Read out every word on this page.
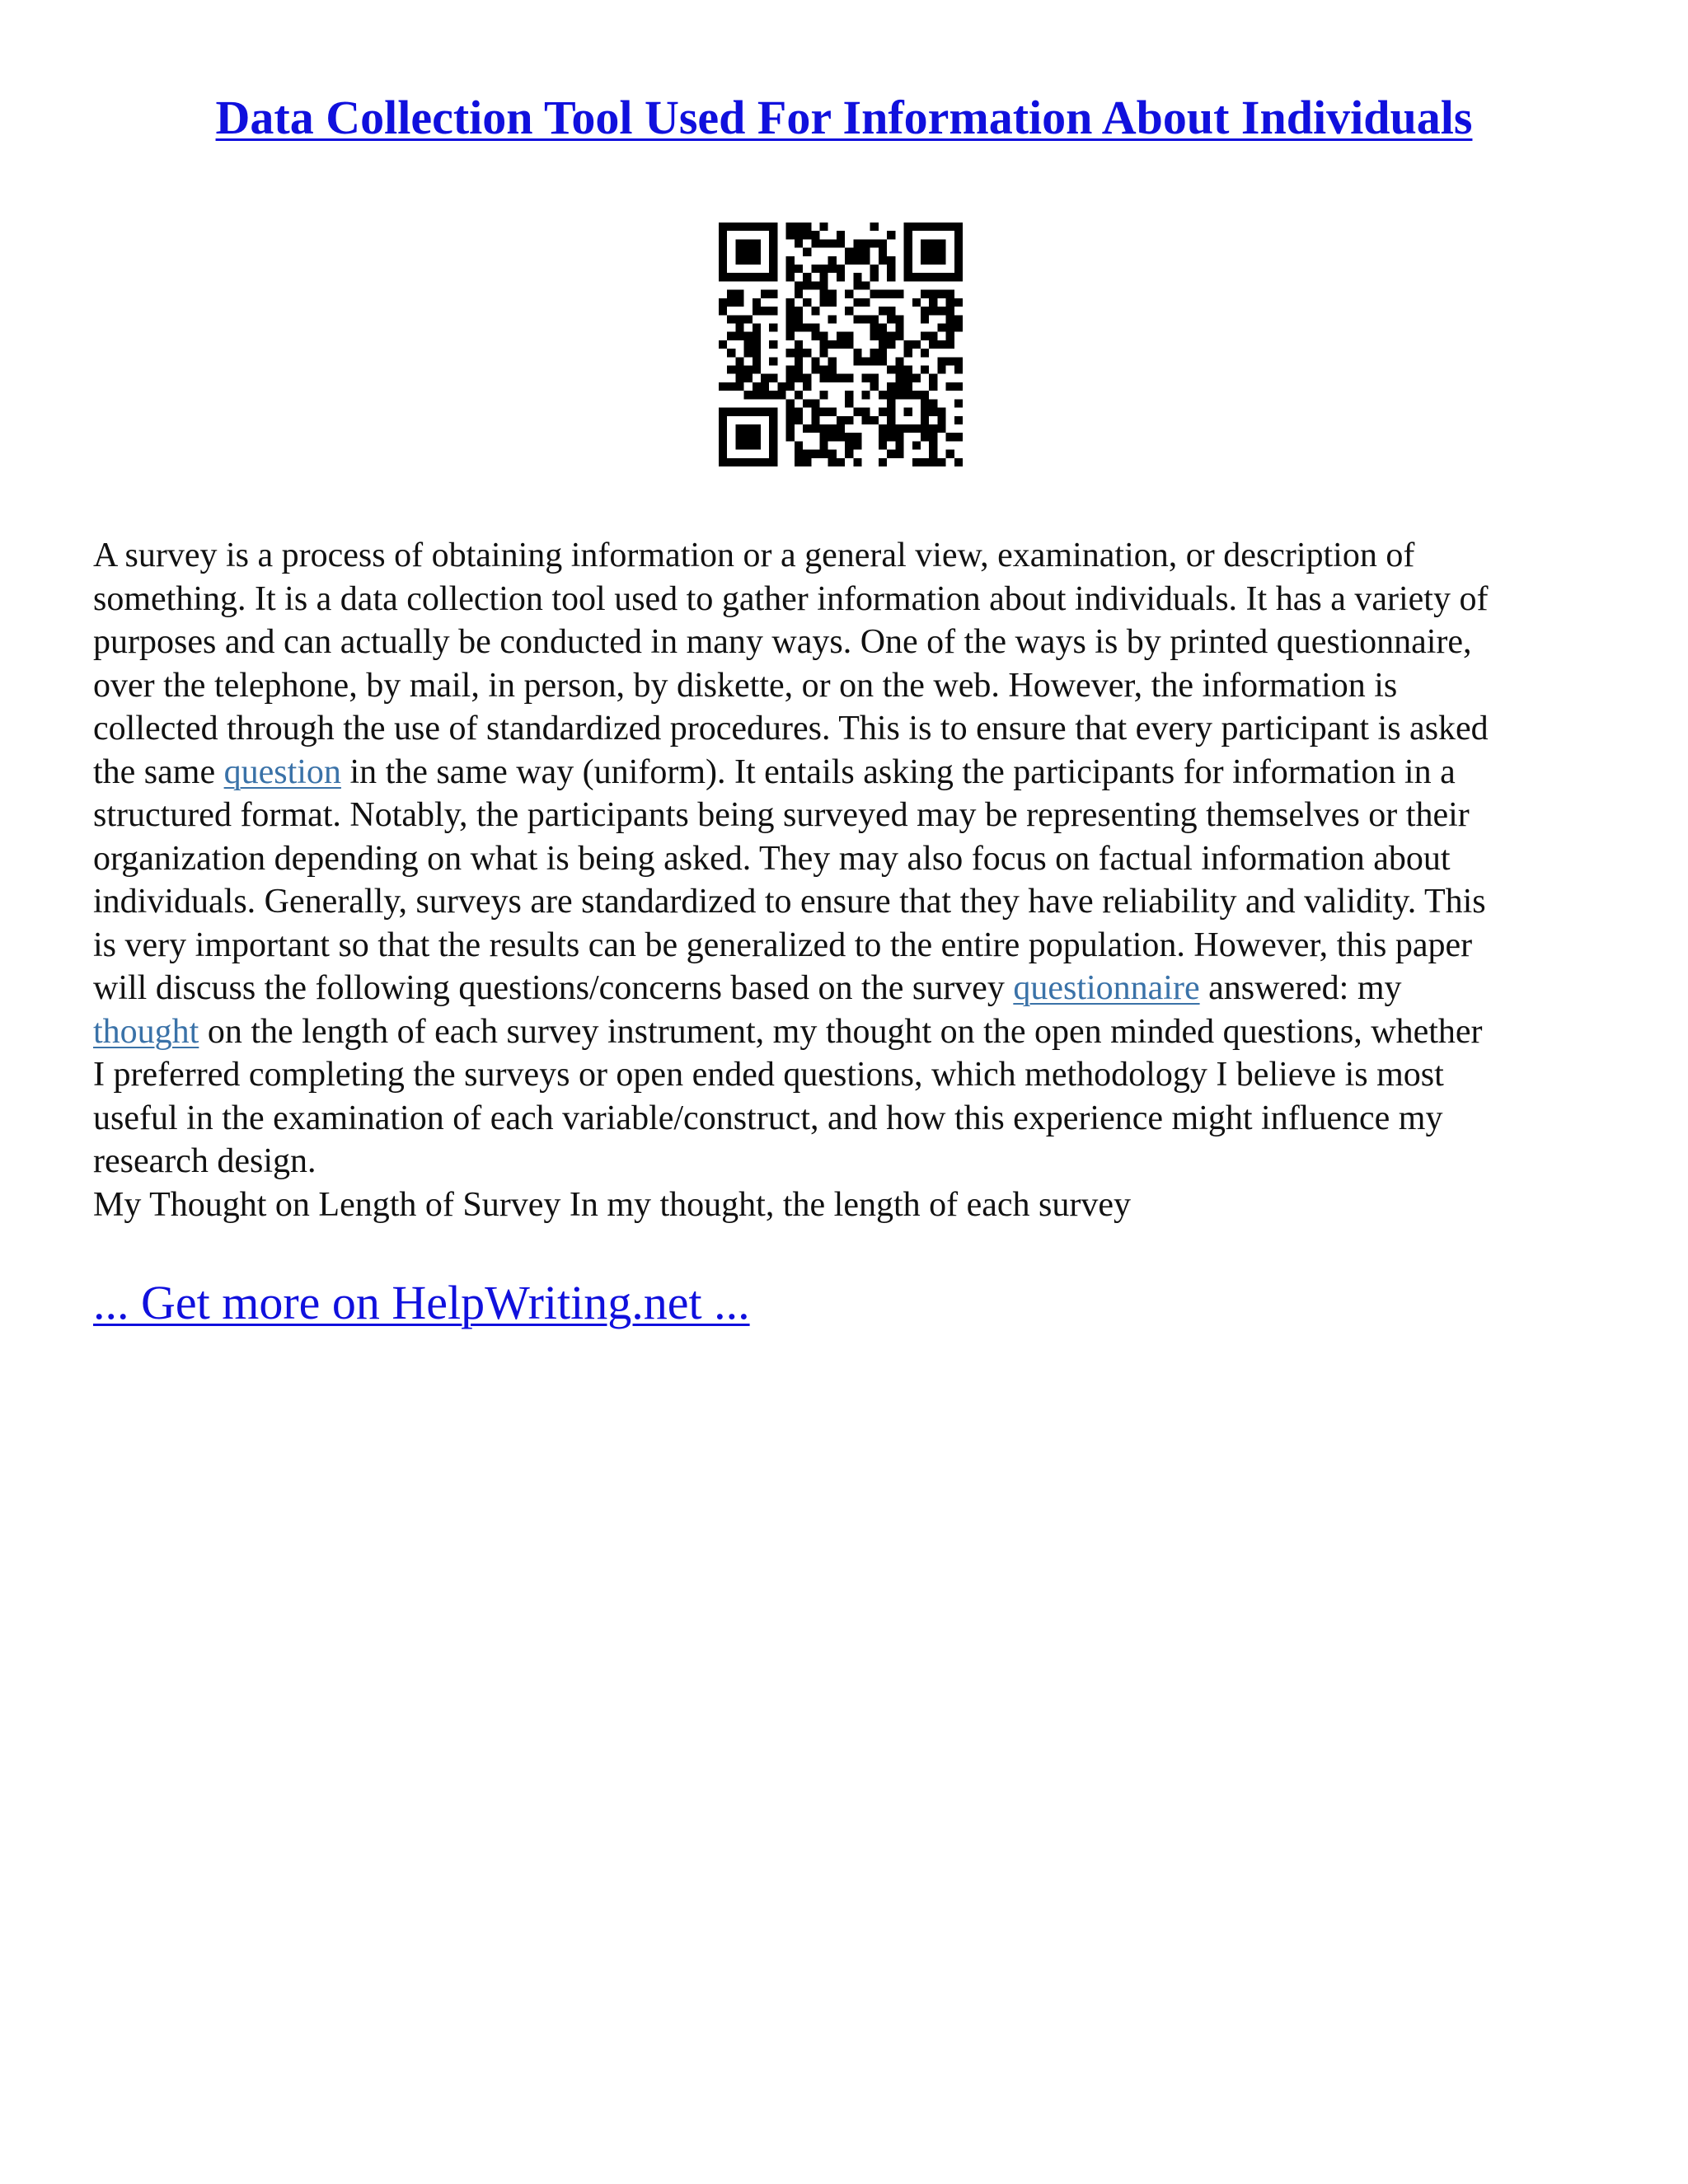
Data Collection Tool Used For Information About Individuals
A survey is a process of obtaining information or a general view, examination, or description of
something. It is a data collection tool used to gather information about individuals. It has a variety of
purposes and can actually be conducted in many ways. One of the ways is by printed questionnaire,
over the telephone, by mail, in person, by diskette, or on the web. However, the information is
collected through the use of standardized procedures. This is to ensure that every participant is asked
the same question in the same way (uniform). It entails asking the participants for information in a
structured format. Notably, the participants being surveyed may be representing themselves or their
organization depending on what is being asked. They may also focus on factual information about
individuals. Generally, surveys are standardized to ensure that they have reliability and validity. This
is very important so that the results can be generalized to the entire population. However, this paper
will discuss the following questions/concerns based on the survey questionnaire answered: my
thought on the length of each survey instrument, my thought on the open minded questions, whether
I preferred completing the surveys or open ended questions, which methodology I believe is most
useful in the examination of each variable/construct, and how this experience might influence my
research design.
My Thought on Length of Survey In my thought, the length of each survey
... Get more on HelpWriting.net ...
